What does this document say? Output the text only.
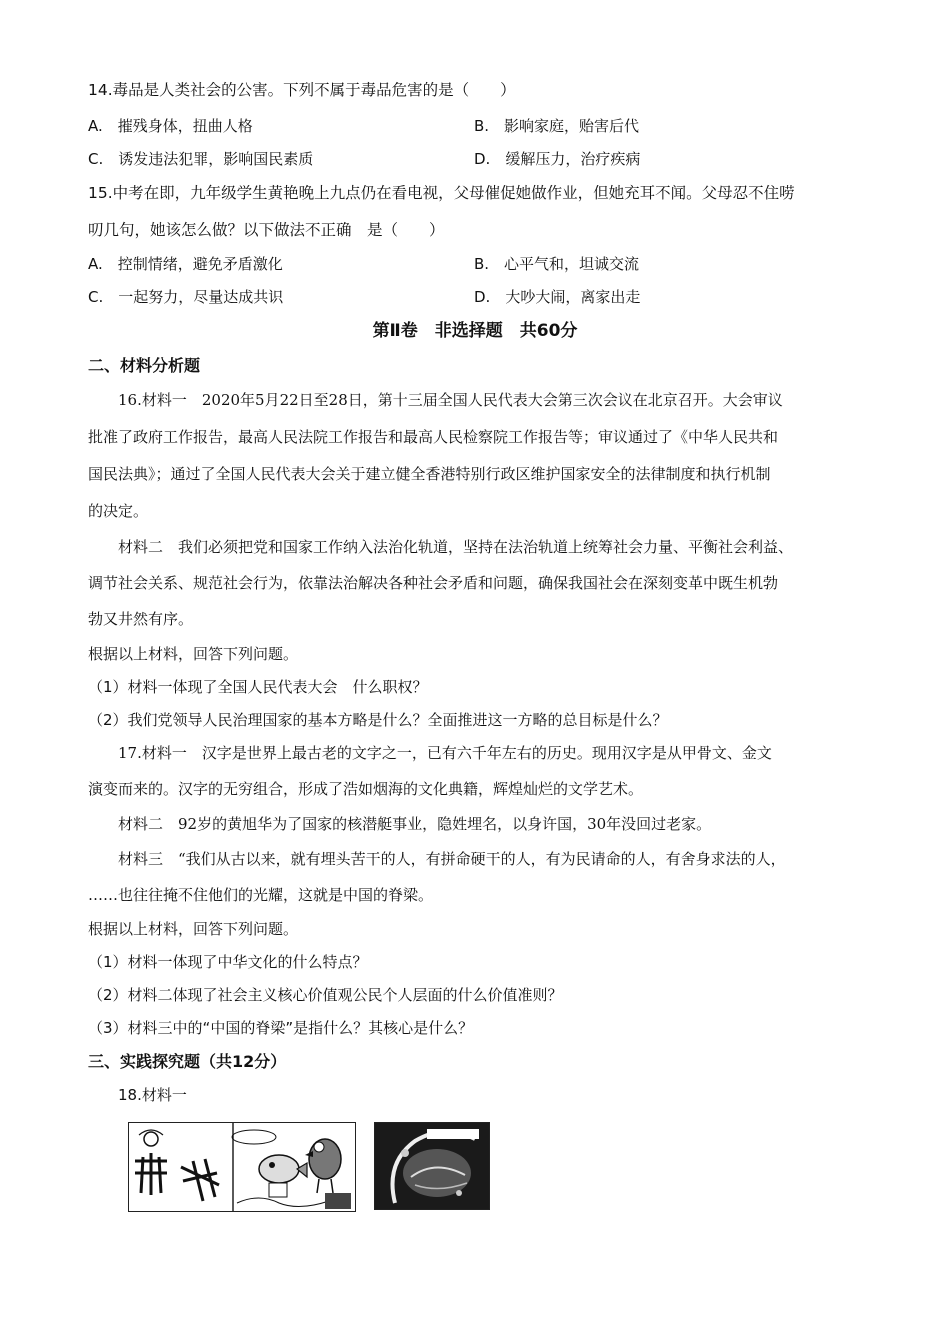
14.毒品是人类社会的公害。下列不属于毒品危害的是（　　）
A.　摧残身体，扭曲人格	B.　影响家庭，贻害后代
C.　诱发违法犯罪，影响国民素质	D.　缓解压力，治疗疾病
15.中考在即，九年级学生黄艳晚上九点仍在看电视，父母催促她做作业，但她充耳不闻。父母忍不住唠
叨几句，她该怎么做？以下做法不正确　是（　　）
A.　控制情绪，避免矛盾激化	B.　心平气和，坦诚交流
C.　一起努力，尽量达成共识	D.　大吵大闹，离家出走
第Ⅱ卷　非选择题　共60分
二、材料分析题
16.材料一　2020年5月22日至28日，第十三届全国人民代表大会第三次会议在北京召开。大会审议
批准了政府工作报告，最高人民法院工作报告和最高人民检察院工作报告等；审议通过了《中华人民共和
国民法典》；通过了全国人民代表大会关于建立健全香港特别行政区维护国家安全的法律制度和执行机制
的决定。
材料二　我们必须把党和国家工作纳入法治化轨道，坚持在法治轨道上统筹社会力量、平衡社会利益、
调节社会关系、规范社会行为，依靠法治解决各种社会矛盾和问题，确保我国社会在深刻变革中既生机勃
勃又井然有序。
根据以上材料，回答下列问题。
（1）材料一体现了全国人民代表大会　什么职权？
（2）我们党领导人民治理国家的基本方略是什么？全面推进这一方略的总目标是什么？
17.材料一　汉字是世界上最古老的文字之一，已有六千年左右的历史。现用汉字是从甲骨文、金文
演变而来的。汉字的无穷组合，形成了浩如烟海的文化典籍，辉煌灿烂的文学艺术。
材料二　92岁的黄旭华为了国家的核潜艇事业，隐姓埋名，以身许国，30年没回过老家。
材料三　“我们从古以来，就有埋头苦干的人，有拼命硬干的人，有为民请命的人，有舍身求法的人，
……也往往掩不住他们的光耀，这就是中国的脊梁。
根据以上材料，回答下列问题。
（1）材料一体现了中华文化的什么特点？
（2）材料二体现了社会主义核心价值观公民个人层面的什么价值准则？
（3）材料三中的“中国的脊梁”是指什么？其核心是什么？
三、实践探究题（共12分）
18.材料一
